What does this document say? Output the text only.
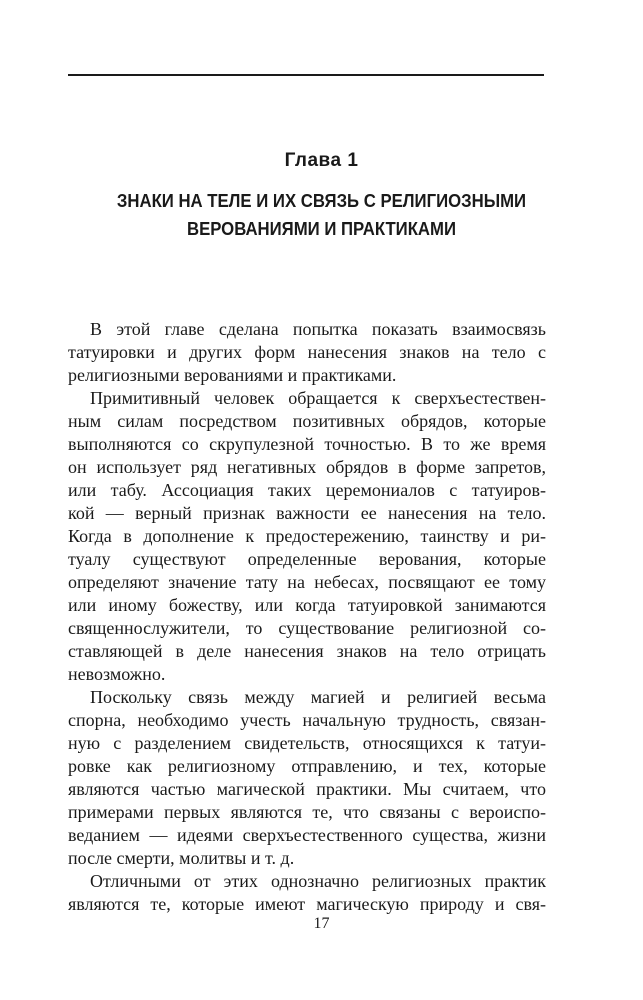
Глава 1
ЗНАКИ НА ТЕЛЕ И ИХ СВЯЗЬ С РЕЛИГИОЗНЫМИ
ВЕРОВАНИЯМИ И ПРАКТИКАМИ

В этой главе сделана попытка показать взаимосвязь
татуировки и других форм нанесения знаков на тело с
религиозными верованиями и практиками.

Примитивный человек обращается к сверхъестествен-
ным силам посредством позитивных обрядов, которые
выполняются со скрупулезной точностью. В то же время
он использует ряд негативных обрядов в форме запретов,
или табу. Ассоциация таких церемониалов с татуиров-
кой — верный признак важности ее нанесения на тело.
Когда в дополнение к предостережению, таинству и ри-
туалу существуют определенные верования, которые
определяют значение тату на небесах, посвящают ее тому
или иному божеству, или когда татуировкой занимаются
священнослужители, то существование религиозной со-
ставляющей в деле нанесения знаков на тело отрицать
невозможно.

Поскольку связь между магией и религией весьма
спорна, необходимо учесть начальную трудность, связан-
ную с разделением свидетельств, относящихся к татуи-
ровке как религиозному отправлению, и тех, которые
являются частью магической практики. Мы считаем, что
примерами первых являются те, что связаны с вероиспо-
веданием — идеями сверхъестественного существа, жизни
после смерти, молитвы и т. д.

Отличными от этих однозначно религиозных практик
являются те, которые имеют магическую природу и свя-

17
